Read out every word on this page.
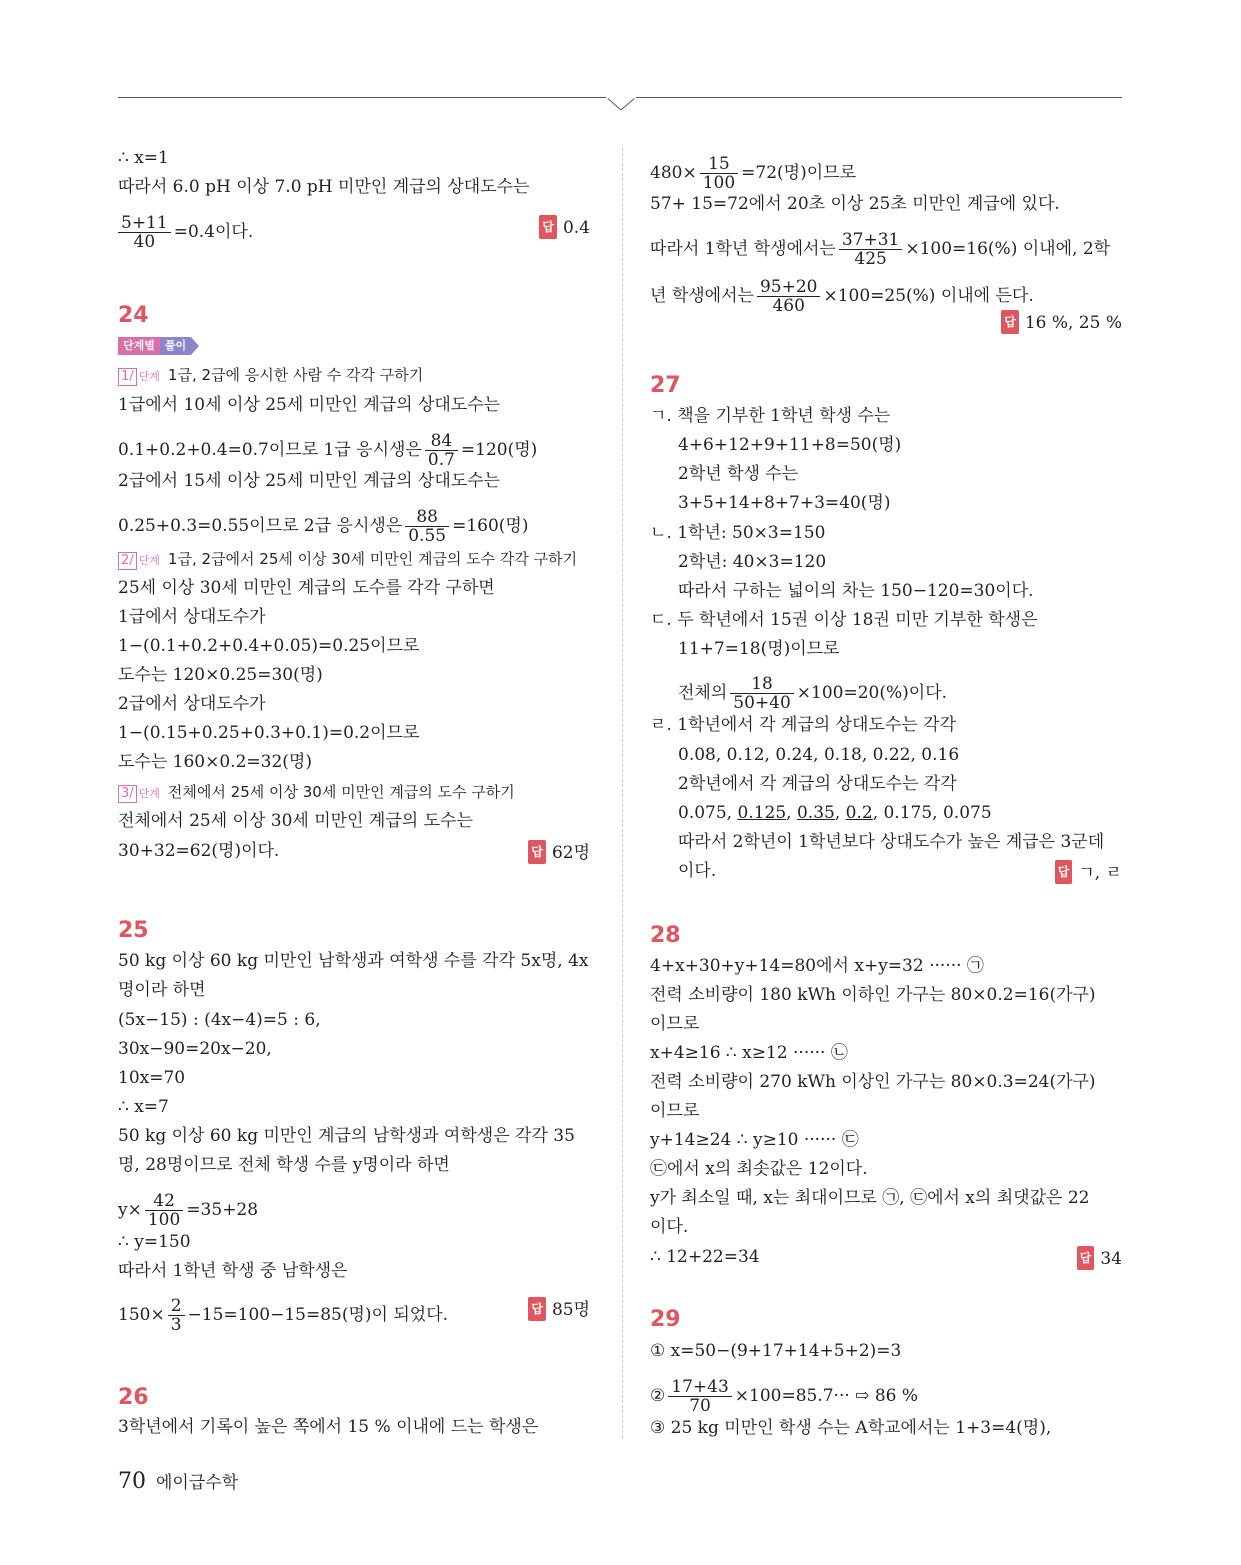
∴ x=1
따라서 6.0 pH 이상 7.0 pH 미만인 계급의 상대도수는
$\frac{5+11}{40} =0.4$이다.	답 0.4
24
단계별 풀이
1/ 단계 1급, 2급에 응시한 사람 수 각각 구하기
1급에서 10세 이상 25세 미만인 계급의 상대도수는
0.1+0.2+0.4=0.7이므로 1급 응시생은 $\frac{84}{0.7} =120$(명)
2급에서 15세 이상 25세 미만인 계급의 상대도수는
0.25+0.3=0.55이므로 2급 응시생은 $\frac{88}{0.55} =160$(명)
2/ 단계 1급, 2급에서 25세 이상 30세 미만인 계급의 도수 각각 구하기
25세 이상 30세 미만인 계급의 도수를 각각 구하면
1급에서 상대도수가
1−(0.1+0.2+0.4+0.05)=0.25이므로
도수는 120×0.25=30(명)
2급에서 상대도수가
1−(0.15+0.25+0.3+0.1)=0.2이므로
도수는 160×0.2=32(명)
3/ 단계 전체에서 25세 이상 30세 미만인 계급의 도수 구하기
전체에서 25세 이상 30세 미만인 계급의 도수는
30+32=62(명)이다.	답 62명
25
50 kg 이상 60 kg 미만인 남학생과 여학생 수를 각각 5x명, 4x
명이라 하면
(5x−15) : (4x−4)=5 : 6,
30x−90=20x−20,
10x=70
∴ x=7
50 kg 이상 60 kg 미만인 계급의 남학생과 여학생은 각각 35
명, 28명이므로 전체 학생 수를 y명이라 하면
$y\times \frac{42}{100} =35+28$
∴ y=150
따라서 1학년 학생 중 남학생은
$150\times \frac{2}{3} -15=100-15=85$(명)이 되었다.	답 85명
26
3학년에서 기록이 높은 쪽에서 15 % 이내에 드는 학생은
$480\times \frac{15}{100} =72$(명)이므로
57+ 15=72에서 20초 이상 25초 미만인 계급에 있다.
따라서 1학년 학생에서는 $\frac{37+31}{425} \times 100=16(\%)$ 이내에, 2학
년 학생에서는 $\frac{95+20}{460} \times 100=25(\%)$ 이내에 든다.
답 16 %, 25 %
27
ㄱ. 책을 기부한 1학년 학생 수는
4+6+12+9+11+8=50(명)
2학년 학생 수는
3+5+14+8+7+3=40(명)
ㄴ. 1학년: 50×3=150
2학년: 40×3=120
따라서 구하는 넓이의 차는 150−120=30이다.
ㄷ. 두 학년에서 15권 이상 18권 미만 기부한 학생은
11+7=18(명)이므로
전체의 $\frac{18}{50+40} \times 100=20(\%)$이다.
ㄹ. 1학년에서 각 계급의 상대도수는 각각
0.08, 0.12, 0.24, 0.18, 0.22, 0.16
2학년에서 각 계급의 상대도수는 각각
0.075, 0.125, 0.35, 0.2, 0.175, 0.075
따라서 2학년이 1학년보다 상대도수가 높은 계급은 3군데
이다.	답 ㄱ, ㄹ
28
4+x+30+y+14=80에서 x+y=32 ······ ㉠
전력 소비량이 180 kWh 이하인 가구는 80×0.2=16(가구)
이므로
x+4≥16 ∴ x≥12 ······ ㉡
전력 소비량이 270 kWh 이상인 가구는 80×0.3=24(가구)
이므로
y+14≥24 ∴ y≥10 ······ ㉢
㉢에서 x의 최솟값은 12이다.
y가 최소일 때, x는 최대이므로 ㉠, ㉢에서 x의 최댓값은 22
이다.
∴ 12+22=34	답 34
29
① x=50−(9+17+14+5+2)=3
② $\frac{17+43}{70} \times 100=85.7\cdot\cdot\cdot$ ⇨ 86 %
③ 25 kg 미만인 학생 수는 A학교에서는 1+3=4(명),
70 에이급수학
